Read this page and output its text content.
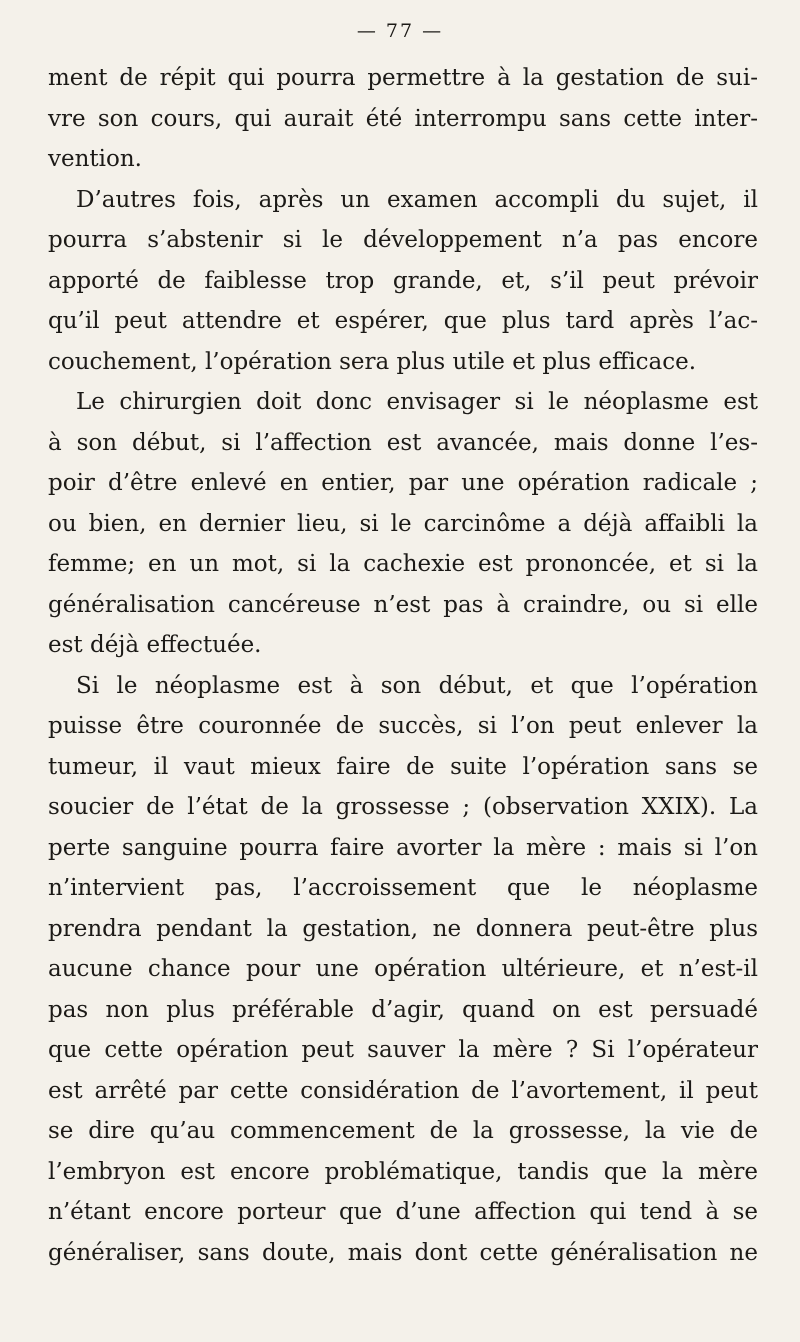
— 77 —
ment de répit qui pourra permettre à la gestation de sui-
vre son cours, qui aurait été interrompu sans cette inter-
vention.
D’autres fois, après un examen accompli du sujet, il
pourra s’abstenir si le développement n’a pas encore
apporté de faiblesse trop grande, et, s’il peut prévoir
qu’il peut attendre et espérer, que plus tard après l’ac-
couchement, l’opération sera plus utile et plus efficace.
Le chirurgien doit donc envisager si le néoplasme est
à son début, si l’affection est avancée, mais donne l’es-
poir d’être enlevé en entier, par une opération radicale ;
ou bien, en dernier lieu, si le carcinôme a déjà affaibli la
femme; en un mot, si la cachexie est prononcée, et si la
généralisation cancéreuse n’est pas à craindre, ou si elle
est déjà effectuée.
Si le néoplasme est à son début, et que l’opération
puisse être couronnée de succès, si l’on peut enlever la
tumeur, il vaut mieux faire de suite l’opération sans se
soucier de l’état de la grossesse ; (observation XXIX). La
perte sanguine pourra faire avorter la mère : mais si l’on
n’intervient pas, l’accroissement que le néoplasme
prendra pendant la gestation, ne donnera peut-être plus
aucune chance pour une opération ultérieure, et n’est-il
pas non plus préférable d’agir, quand on est persuadé
que cette opération peut sauver la mère ? Si l’opérateur
est arrêté par cette considération de l’avortement, il peut
se dire qu’au commencement de la grossesse, la vie de
l’embryon est encore problématique, tandis que la mère
n’étant encore porteur que d’une affection qui tend à se
généraliser, sans doute, mais dont cette généralisation ne
